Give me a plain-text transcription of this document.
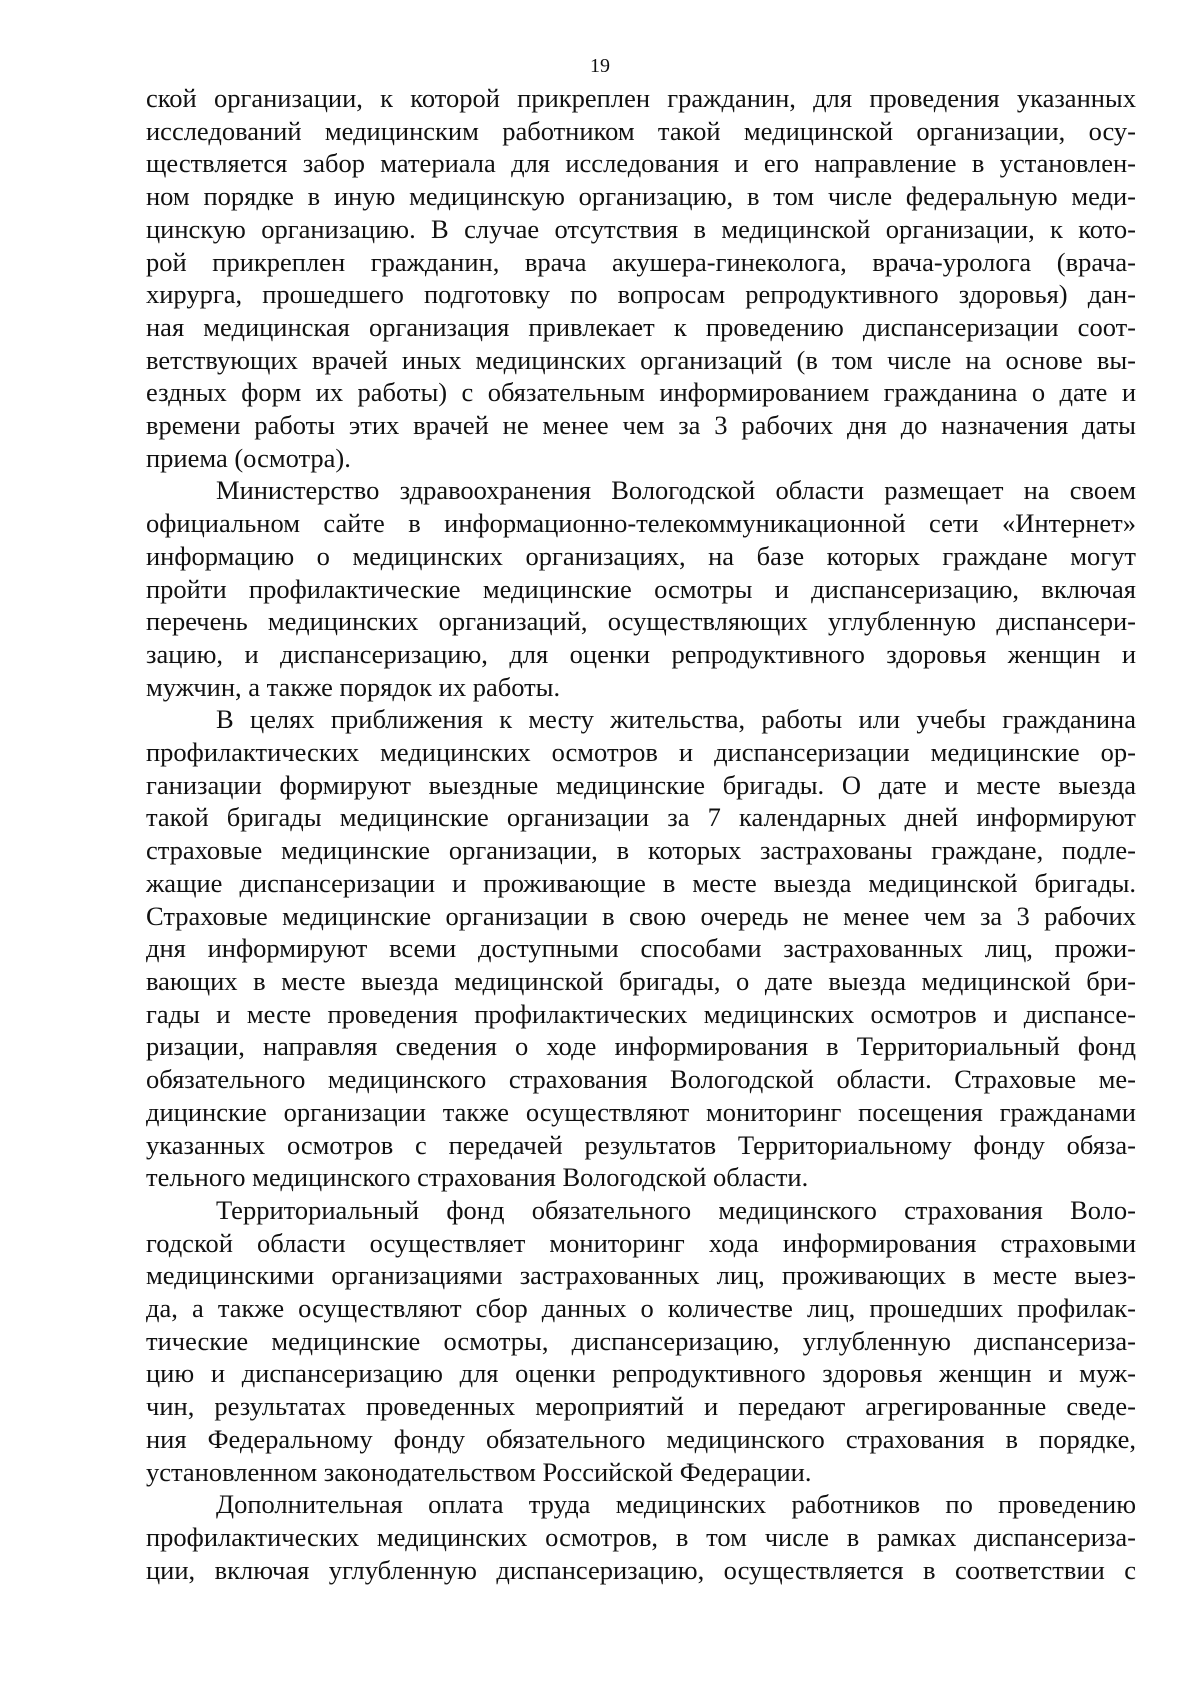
19
ской организации, к которой прикреплен гражданин, для проведения указанных
исследований медицинским работником такой медицинской организации, осу-
ществляется забор материала для исследования и его направление в установлен-
ном порядке в иную медицинскую организацию, в том числе федеральную меди-
цинскую организацию. В случае отсутствия в медицинской организации, к кото-
рой прикреплен гражданин, врача акушера-гинеколога, врача-уролога (врача-
хирурга, прошедшего подготовку по вопросам репродуктивного здоровья) дан-
ная медицинская организация привлекает к проведению диспансеризации соот-
ветствующих врачей иных медицинских организаций (в том числе на основе вы-
ездных форм их работы) с обязательным информированием гражданина о дате и
времени работы этих врачей не менее чем за 3 рабочих дня до назначения даты
приема (осмотра).
Министерство здравоохранения Вологодской области размещает на своем
официальном сайте в информационно-телекоммуникационной сети «Интернет»
информацию о медицинских организациях, на базе которых граждане могут
пройти профилактические медицинские осмотры и диспансеризацию, включая
перечень медицинских организаций, осуществляющих углубленную диспансери-
зацию, и диспансеризацию, для оценки репродуктивного здоровья женщин и
мужчин, а также порядок их работы.
В целях приближения к месту жительства, работы или учебы гражданина
профилактических медицинских осмотров и диспансеризации медицинские ор-
ганизации формируют выездные медицинские бригады. О дате и месте выезда
такой бригады медицинские организации за 7 календарных дней информируют
страховые медицинские организации, в которых застрахованы граждане, подле-
жащие диспансеризации и проживающие в месте выезда медицинской бригады.
Страховые медицинские организации в свою очередь не менее чем за 3 рабочих
дня информируют всеми доступными способами застрахованных лиц, прожи-
вающих в месте выезда медицинской бригады, о дате выезда медицинской бри-
гады и месте проведения профилактических медицинских осмотров и диспансе-
ризации, направляя сведения о ходе информирования в Территориальный фонд
обязательного медицинского страхования Вологодской области. Страховые ме-
дицинские организации также осуществляют мониторинг посещения гражданами
указанных осмотров с передачей результатов Территориальному фонду обяза-
тельного медицинского страхования Вологодской области.
Территориальный фонд обязательного медицинского страхования Воло-
годской области осуществляет мониторинг хода информирования страховыми
медицинскими организациями застрахованных лиц, проживающих в месте выез-
да, а также осуществляют сбор данных о количестве лиц, прошедших профилак-
тические медицинские осмотры, диспансеризацию, углубленную диспансериза-
цию и диспансеризацию для оценки репродуктивного здоровья женщин и муж-
чин, результатах проведенных мероприятий и передают агрегированные сведе-
ния Федеральному фонду обязательного медицинского страхования в порядке,
установленном законодательством Российской Федерации.
Дополнительная оплата труда медицинских работников по проведению
профилактических медицинских осмотров, в том числе в рамках диспансериза-
ции, включая углубленную диспансеризацию, осуществляется в соответствии с
